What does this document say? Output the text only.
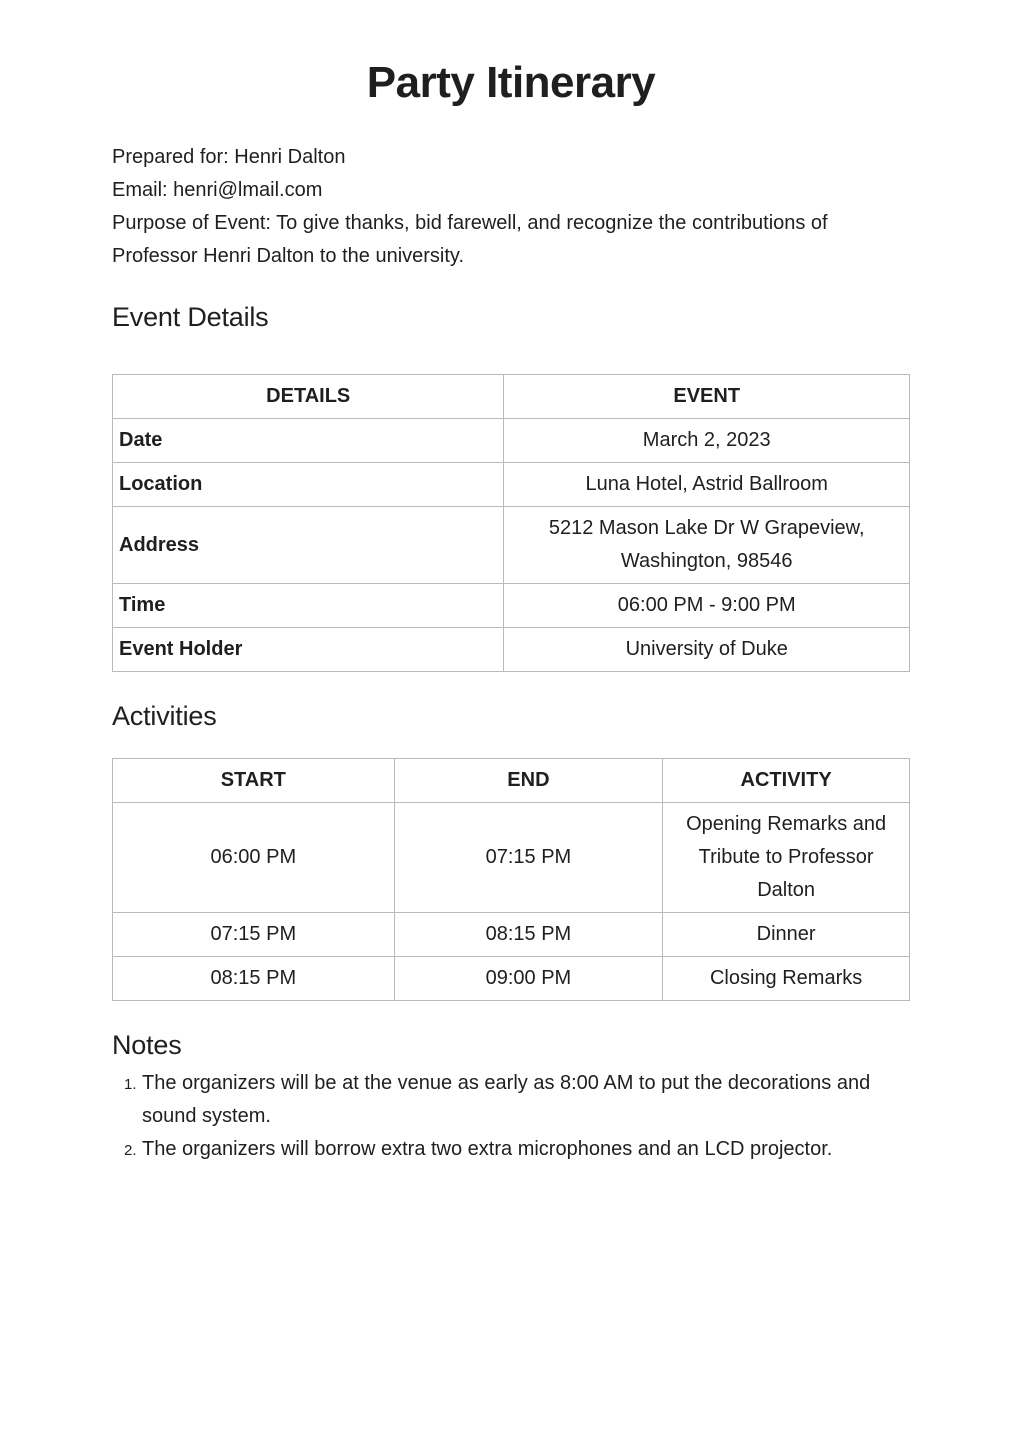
Party Itinerary

Prepared for: Henri Dalton

Email: henri@lmail.com

Purpose of Event: To give thanks, bid farewell, and recognize the contributions of Professor Henri Dalton to the university.

Event Details
DETAILS	EVENT
Date	March 2, 2023
Location	Luna Hotel, Astrid Ballroom
Address	5212 Mason Lake Dr W Grapeview, Washington, 98546
Time	06:00 PM - 9:00 PM
Event Holder	University of Duke
Activities
START	END	ACTIVITY
06:00 PM	07:15 PM	Opening Remarks and Tribute to Professor Dalton
07:15 PM	08:15 PM	Dinner
08:15 PM	09:00 PM	Closing Remarks
Notes
The organizers will be at the venue as early as 8:00 AM to put the decorations and sound system.
The organizers will borrow extra two extra microphones and an LCD projector.
